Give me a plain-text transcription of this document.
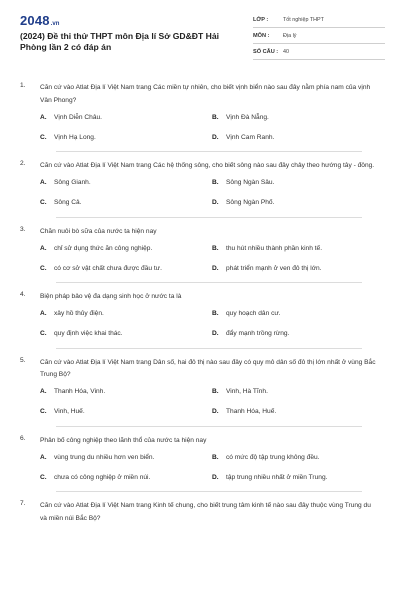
2048.vn
(2024) Đề thi thử THPT môn Địa lí Sở GD&ĐT Hải Phòng lần 2 có đáp án
LỚP :	Tốt nghiệp THPT
MÔN :	Địa lý
SỐ CÂU : 40
1. Căn cứ vào Atlat Địa lí Việt Nam trang Các miền tự nhiên, cho biết vịnh biển nào sau đây nằm phía nam của vịnh Vân Phong?
A.	Vịnh Diễn Châu.	B.	Vịnh Đà Nẵng.
C.	Vịnh Hạ Long.	D.	Vịnh Cam Ranh.
2. Căn cứ vào Atlat Địa lí Việt Nam trang Các hệ thống sông, cho biết sông nào sau đây chảy theo hướng tây - đông.
A.	Sông Gianh.	B.	Sông Ngàn Sâu.
C.	Sông Cả.	D.	Sông Ngàn Phố.
3. Chăn nuôi bò sữa của nước ta hiện nay
A.	chỉ sử dụng thức ăn công nghiệp.	B.	thu hút nhiều thành phần kinh tế.
C.	có cơ sở vật chất chưa được đầu tư.	D.	phát triển mạnh ở ven đô thị lớn.
4. Biện pháp bảo vệ đa dạng sinh học ở nước ta là
A.	xây hồ thủy điện.	B.	quy hoạch dân cư.
C.	quy định việc khai thác.	D.	đẩy mạnh trồng rừng.
5. Căn cứ vào Atlat Địa lí Việt Nam trang Dân số, hai đô thị nào sau đây có quy mô dân số đô thị lớn nhất ở vùng Bắc Trung Bộ?
A.	Thanh Hóa, Vinh.	B.	Vinh, Hà Tĩnh.
C.	Vinh, Huế.	D.	Thanh Hóa, Huế.
6. Phân bố công nghiệp theo lãnh thổ của nước ta hiện nay
A.	vùng trung du nhiều hơn ven biển.	B.	có mức độ tập trung không đều.
C.	chưa có công nghiệp ở miền núi.	D.	tập trung nhiều nhất ở miền Trung.
7. Căn cứ vào Atlat Địa lí Việt Nam trang Kinh tế chung, cho biết trung tâm kinh tế nào sau đây thuộc vùng Trung du và miền núi Bắc Bộ?
